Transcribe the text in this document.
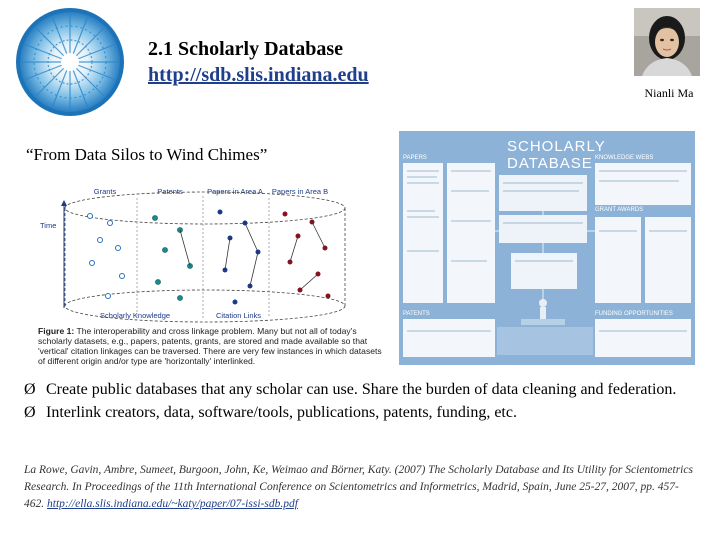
2.1 Scholarly Database
http://sdb.slis.indiana.edu
Nianli Ma
“From Data Silos to Wind Chimes”
Grants	Patents	Papers in Area A Papers in Area B
Time
Scholarly Knowledge	Citation Links
Figure 1: The interoperability and cross linkage problem. Many but not all of today's scholarly datasets, e.g., papers, patents, grants, are stored and made available so that 'vertical' citation linkages can be traversed. There are very few instances in which datasets of different origin and/or type are 'horizontally' interlinked.
SCHOLARLY
DATABASE KNOWLEDGE WEBS
PAPERS
PATENTS
GRANT AWARDS
FUNDING OPPORTUNITIES
Ø Create public databases that any scholar can use. Share the burden of data cleaning and federation.
Ø Interlink creators, data, software/tools, publications, patents, funding, etc.
La Rowe, Gavin, Ambre, Sumeet, Burgoon, John, Ke, Weimao and Börner, Katy. (2007) The Scholarly Database and Its Utility for Scientometrics Research. In Proceedings of the 11th International Conference on Scientometrics and Informetrics, Madrid, Spain, June 25-27, 2007, pp. 457-462. http://ella.slis.indiana.edu/~katy/paper/07-issi-sdb.pdf
